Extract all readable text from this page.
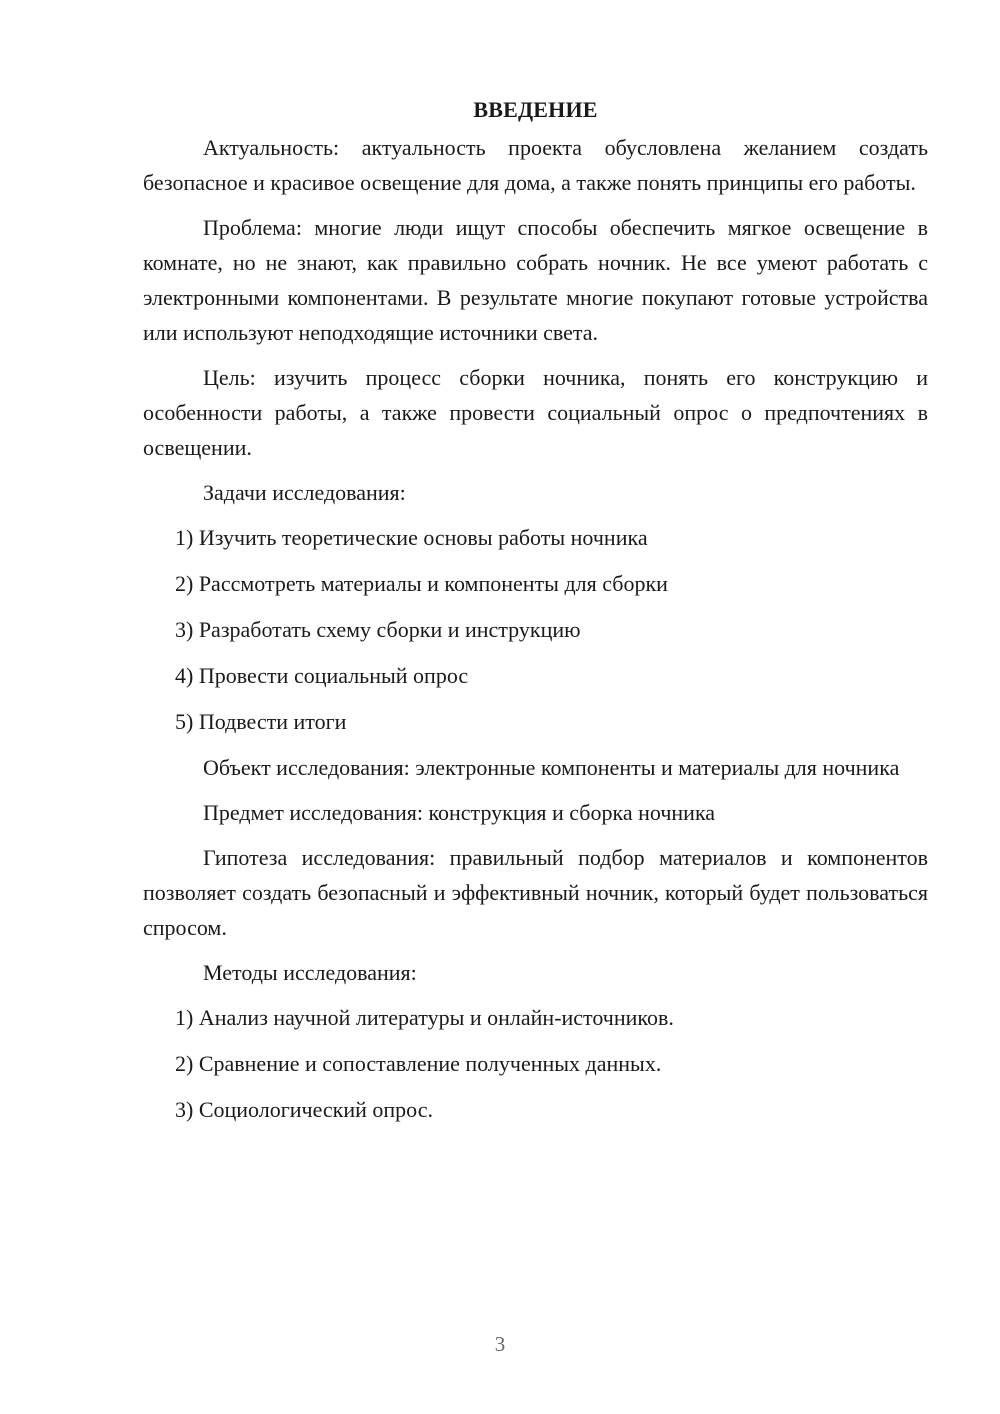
ВВЕДЕНИЕ

Актуальность: актуальность проекта обусловлена желанием создать безопасное и красивое освещение для дома, а также понять принципы его работы.

Проблема: многие люди ищут способы обеспечить мягкое освещение в комнате, но не знают, как правильно собрать ночник. Не все умеют работать с электронными компонентами. В результате многие покупают готовые устройства или используют неподходящие источники света.

Цель: изучить процесс сборки ночника, понять его конструкцию и особенности работы, а также провести социальный опрос о предпочтениях в освещении.

Задачи исследования:
1) Изучить теоретические основы работы ночника
2) Рассмотреть материалы и компоненты для сборки
3) Разработать схему сборки и инструкцию
4) Провести социальный опрос
5) Подвести итоги

Объект исследования: электронные компоненты и материалы для ночника

Предмет исследования: конструкция и сборка ночника

Гипотеза исследования: правильный подбор материалов и компонентов позволяет создать безопасный и эффективный ночник, который будет пользоваться спросом.

Методы исследования:
1) Анализ научной литературы и онлайн-источников.
2) Сравнение и сопоставление полученных данных.
3) Социологический опрос.
3
